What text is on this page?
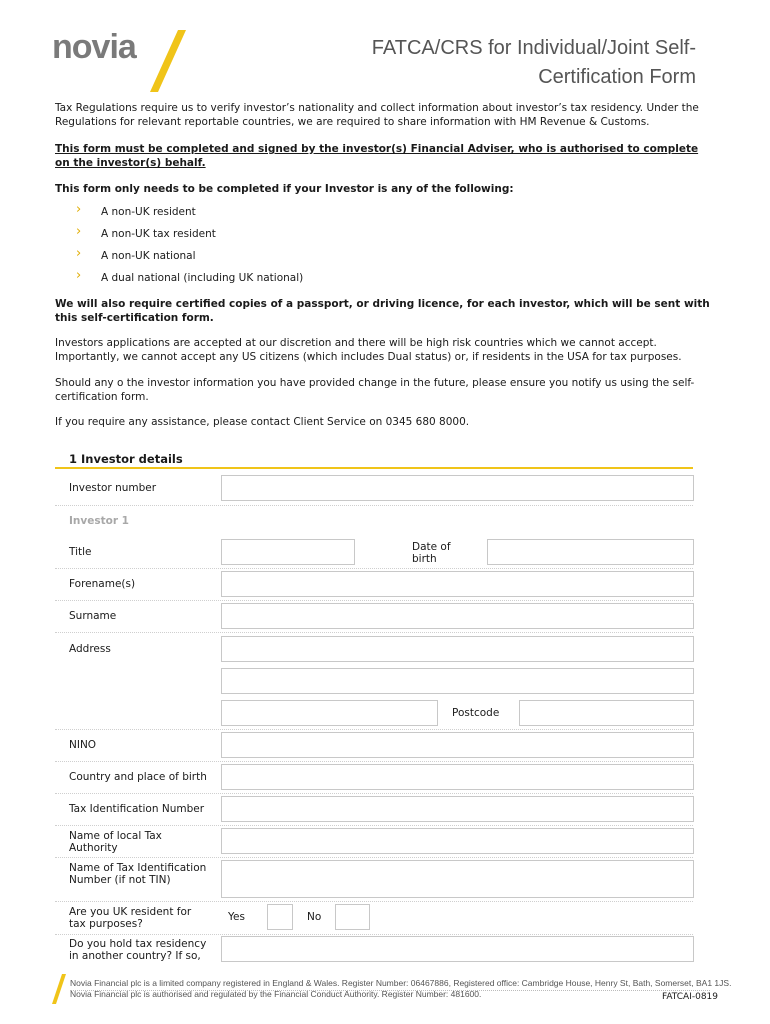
novia	FATCA/CRS for Individual/Joint Self-Certification Form

Tax Regulations require us to verify investor’s nationality and collect information about investor’s tax residency. Under the Regulations for relevant reportable countries, we are required to share information with HM Revenue & Customs.

This form must be completed and signed by the investor(s) Financial Adviser, who is authorised to complete on the investor(s) behalf.

This form only needs to be completed if your Investor is any of the following:

› A non-UK resident
› A non-UK tax resident
› A non-UK national
› A dual national (including UK national)

We will also require certified copies of a passport, or driving licence, for each investor, which will be sent with this self-certification form.

Investors applications are accepted at our discretion and there will be high risk countries which we cannot accept. Importantly, we cannot accept any US citizens (which includes Dual status) or, if residents in the USA for tax purposes.

Should any o the investor information you have provided change in the future, please ensure you notify us using the self-certification form.

If you require any assistance, please contact Client Service on 0345 680 8000.

1 Investor details
Investor number
Investor 1
Title	Date of birth
Forename(s)
Surname
Address
Postcode
NINO
Country and place of birth
Tax Identification Number
Name of local Tax Authority
Name of Tax Identification Number (if not TIN)
Are you UK resident for tax purposes?
Yes	No
Do you hold tax residency in another country? If so,
Novia Financial plc is a limited company registered in England & Wales. Register Number: 06467886, Registered office: Cambridge House, Henry St, Bath, Somerset, BA1 1JS.
Novia Financial plc is authorised and regulated by the Financial Conduct Authority. Register Number: 481600.	FATCAI-0819
